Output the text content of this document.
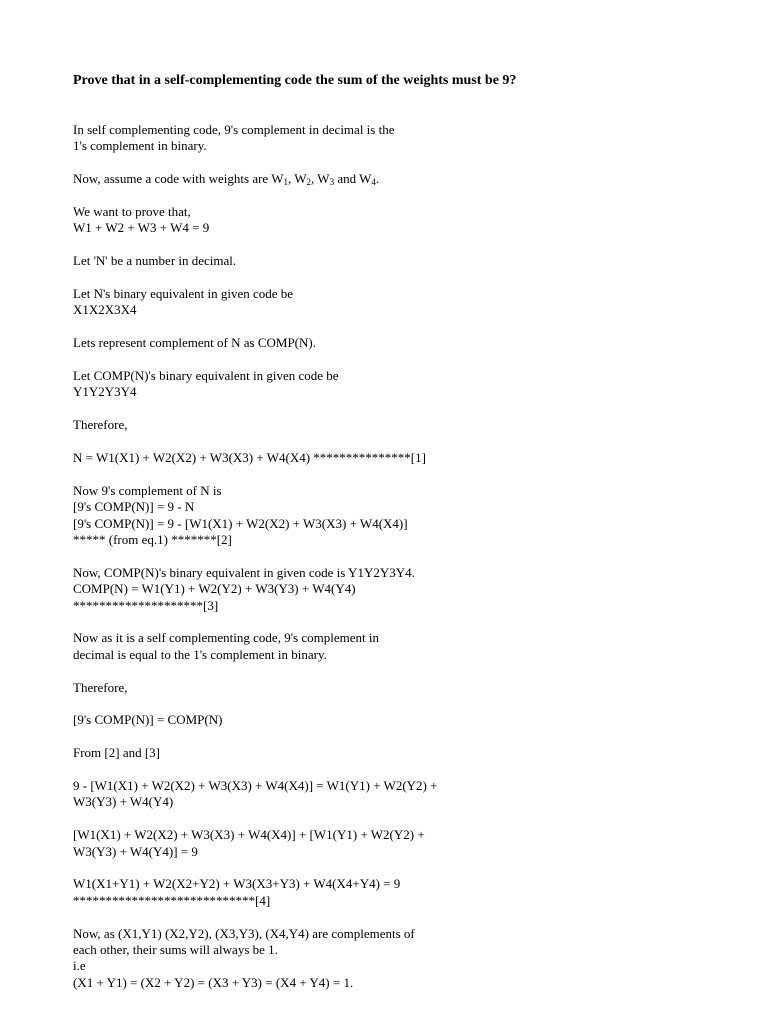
Prove that in a self-complementing code the sum of the weights must be 9?
In self complementing code, 9's complement in decimal is the
1's complement in binary.
Now, assume a code with weights are $W_1$, $W_2$, $W_3$ and $W_4$.
We want to prove that,
W1 + W2 + W3 + W4 = 9
Let 'N' be a number in decimal.
Let N's binary equivalent in given code be
X1X2X3X4
Lets represent complement of N as COMP(N).
Let COMP(N)'s binary equivalent in given code be
Y1Y2Y3Y4
Therefore,
N = W1(X1) + W2(X2) + W3(X3) + W4(X4) ***************[1]
Now 9's complement of N is
[9's COMP(N)] = 9 - N
[9's COMP(N)] = 9 - [W1(X1) + W2(X2) + W3(X3) + W4(X4)]
***** (from eq.1) *******[2]
Now, COMP(N)'s binary equivalent in given code is Y1Y2Y3Y4.
COMP(N) = W1(Y1) + W2(Y2) + W3(Y3) + W4(Y4)
********************[3]
Now as it is a self complementing code, 9's complement in
decimal is equal to the 1's complement in binary.
Therefore,
[9's COMP(N)] = COMP(N)
From [2] and [3]
9 - [W1(X1) + W2(X2) + W3(X3) + W4(X4)] = W1(Y1) + W2(Y2) +
W3(Y3) + W4(Y4)
[W1(X1) + W2(X2) + W3(X3) + W4(X4)] + [W1(Y1) + W2(Y2) +
W3(Y3) + W4(Y4)] = 9
W1(X1+Y1) + W2(X2+Y2) + W3(X3+Y3) + W4(X4+Y4) = 9
****************************[4]
Now, as (X1,Y1) (X2,Y2), (X3,Y3), (X4,Y4) are complements of
each other, their sums will always be 1.
i.e
(X1 + Y1) = (X2 + Y2) = (X3 + Y3) = (X4 + Y4) = 1.
